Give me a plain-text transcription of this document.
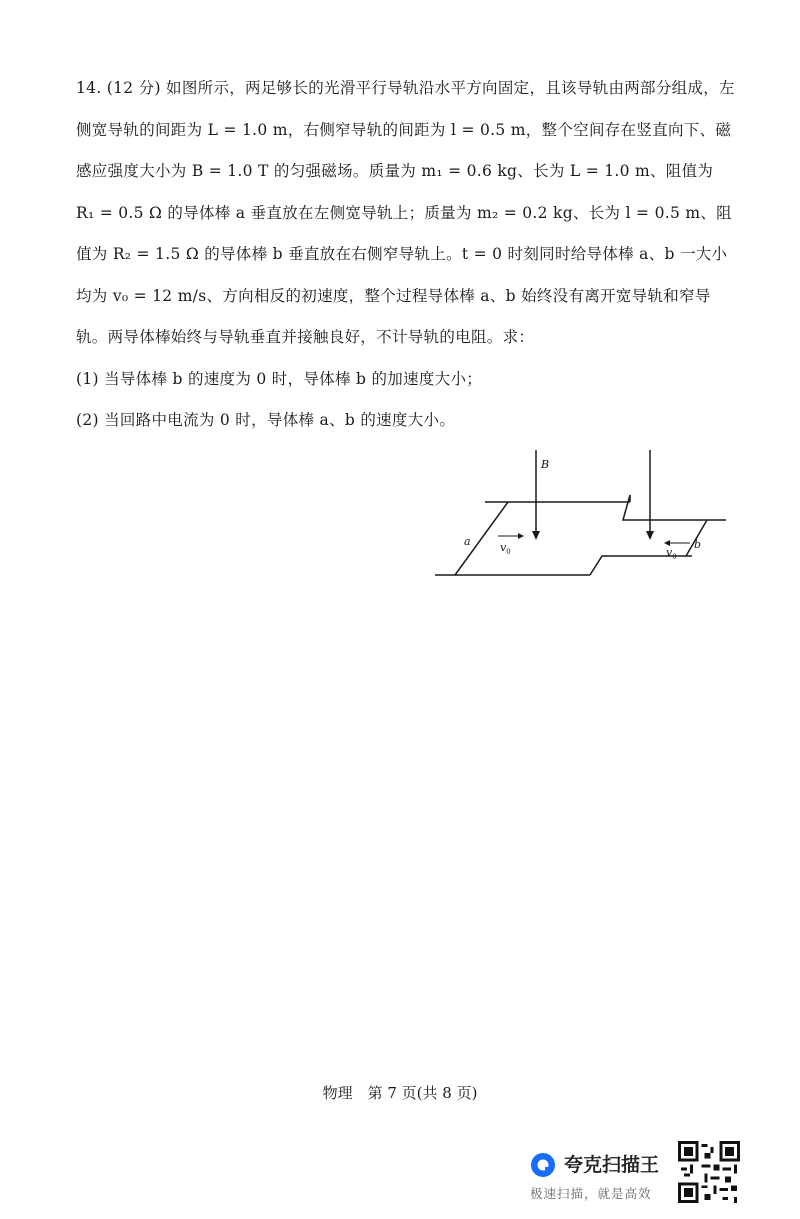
14. (12 分) 如图所示，两足够长的光滑平行导轨沿水平方向固定，且该导轨由两部分组成，左侧宽导轨的间距为 L = 1.0 m，右侧窄导轨的间距为 l = 0.5 m，整个空间存在竖直向下、磁感应强度大小为 B = 1.0 T 的匀强磁场。质量为 m₁ = 0.6 kg、长为 L = 1.0 m、阻值为 R₁ = 0.5 Ω 的导体棒 a 垂直放在左侧宽导轨上；质量为 m₂ = 0.2 kg、长为 l = 0.5 m、阻值为 R₂ = 1.5 Ω 的导体棒 b 垂直放在右侧窄导轨上。t = 0 时刻同时给导体棒 a、b 一大小均为 v₀ = 12 m/s、方向相反的初速度，整个过程导体棒 a、b 始终没有离开宽导轨和窄导轨。两导体棒始终与导轨垂直并接触良好，不计导轨的电阻。求：

(1) 当导体棒 b 的速度为 0 时，导体棒 b 的加速度大小；

(2) 当回路中电流为 0 时，导体棒 a、b 的速度大小。

B
a	b
$v_0$	$v_0$
物理　第 7 页(共 8 页)
夸克扫描王
极速扫描，就是高效
